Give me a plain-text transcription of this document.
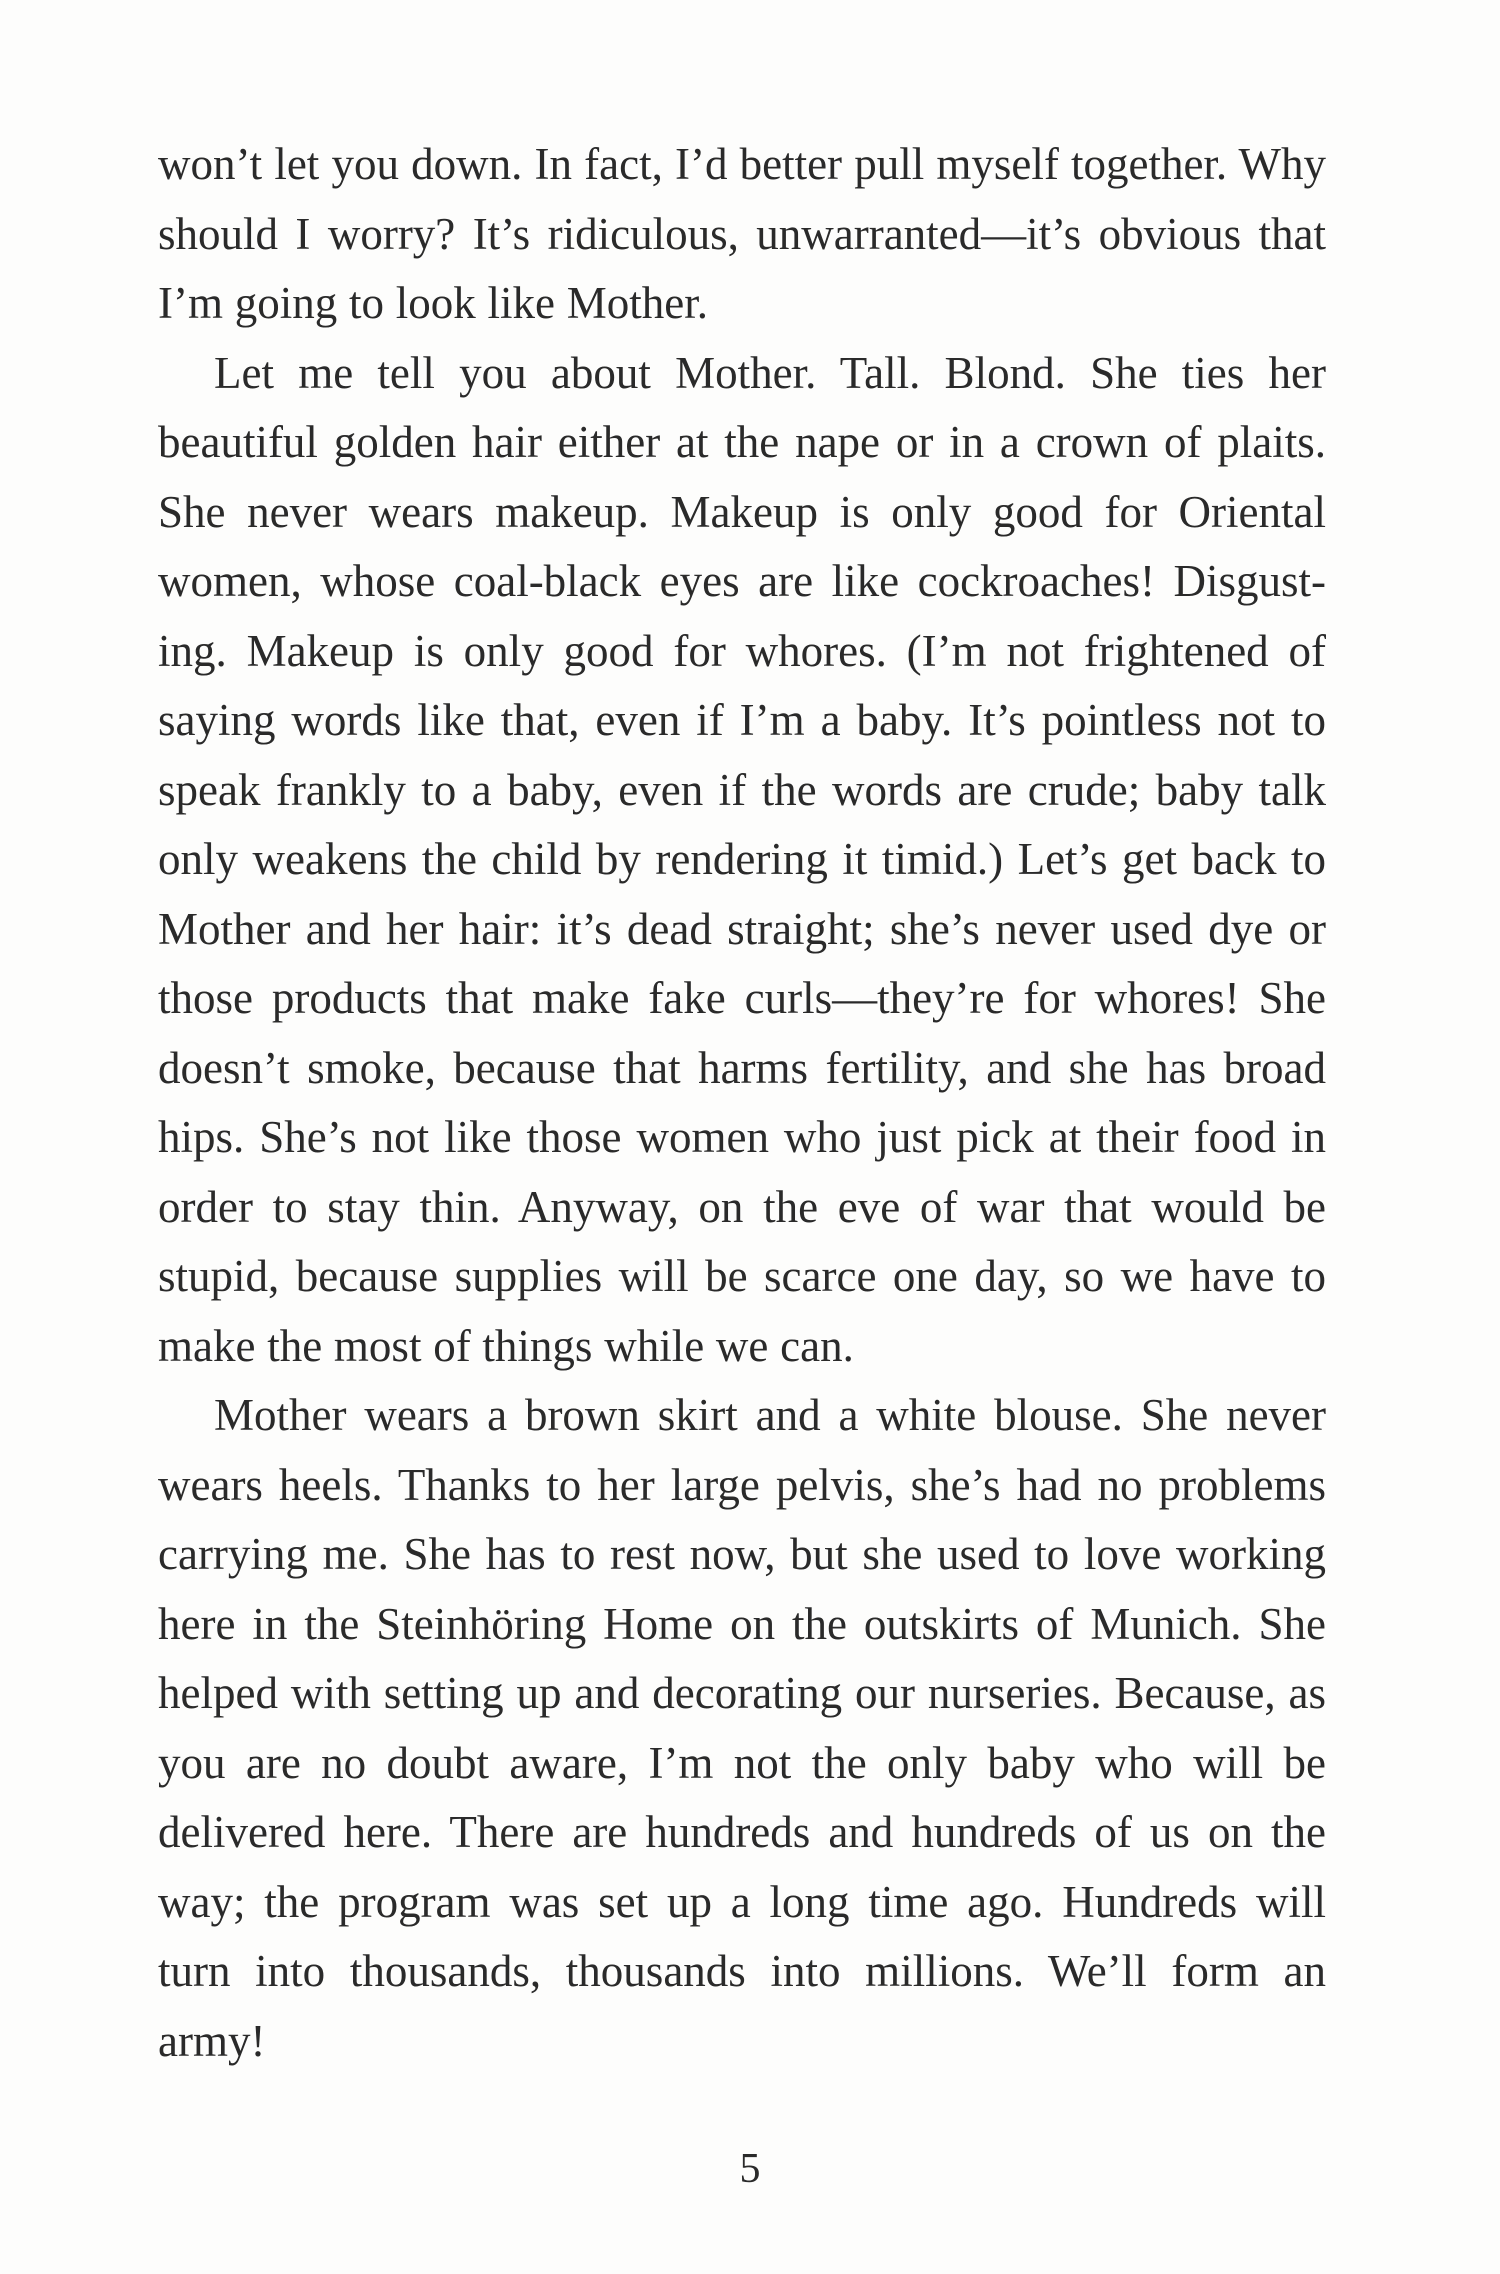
won’t let you down. In fact, I’d better pull myself together. Why should I worry? It’s ridiculous, unwarranted—it’s obvious that I’m going to look like Mother.

Let me tell you about Mother. Tall. Blond. She ties her beautiful golden hair either at the nape or in a crown of plaits. She never wears makeup. Makeup is only good for Oriental women, whose coal-black eyes are like cockroaches! Disgusting. Makeup is only good for whores. (I’m not frightened of saying words like that, even if I’m a baby. It’s pointless not to speak frankly to a baby, even if the words are crude; baby talk only weakens the child by rendering it timid.) Let’s get back to Mother and her hair: it’s dead straight; she’s never used dye or those products that make fake curls—they’re for whores! She doesn’t smoke, because that harms fertility, and she has broad hips. She’s not like those women who just pick at their food in order to stay thin. Anyway, on the eve of war that would be stupid, because supplies will be scarce one day, so we have to make the most of things while we can.

Mother wears a brown skirt and a white blouse. She never wears heels. Thanks to her large pelvis, she’s had no problems carrying me. She has to rest now, but she used to love working here in the Steinhöring Home on the outskirts of Munich. She helped with setting up and decorating our nurseries. Because, as you are no doubt aware, I’m not the only baby who will be delivered here. There are hundreds and hundreds of us on the way; the program was set up a long time ago. Hundreds will turn into thousands, thousands into millions. We’ll form an army!

5
